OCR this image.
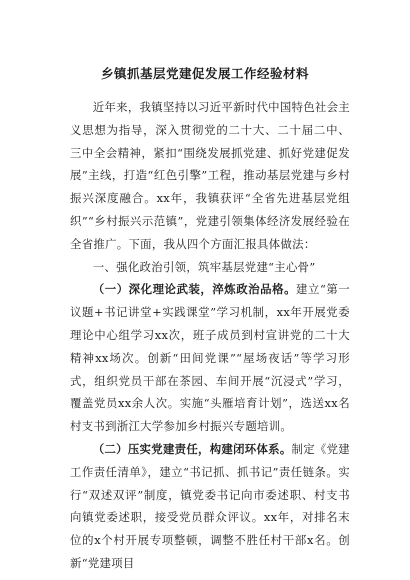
乡镇抓基层党建促发展工作经验材料

近年来，我镇坚持以习近平新时代中国特色社会主义思想为指导，深入贯彻党的二十大、二十届二中、三中全会精神，紧扣“围绕发展抓党建、抓好党建促发展”主线，打造“红色引擎”工程，推动基层党建与乡村振兴深度融合。xx年，我镇获评“全省先进基层党组织”“乡村振兴示范镇”，党建引领集体经济发展经验在全省推广。下面，我从四个方面汇报具体做法：

一、强化政治引领，筑牢基层党建“主心骨”

（一）深化理论武装，淬炼政治品格。建立“第一议题+书记讲堂+实践课堂”学习机制，xx年开展党委理论中心组学习xx次，班子成员到村宣讲党的二十大精神xx场次。创新“田间党课”“屋场夜话”等学习形式，组织党员干部在茶园、车间开展“沉浸式”学习，覆盖党员xx余人次。实施“头雁培育计划”，选送xx名村支书到浙江大学参加乡村振兴专题培训。

（二）压实党建责任，构建闭环体系。制定《党建工作责任清单》，建立“书记抓、抓书记”责任链条。实行“双述双评”制度，镇党委书记向市委述职、村支书向镇党委述职，接受党员群众评议。xx年，对排名末位的x个村开展专项整顿，调整不胜任村干部x名。创新“党建项目
